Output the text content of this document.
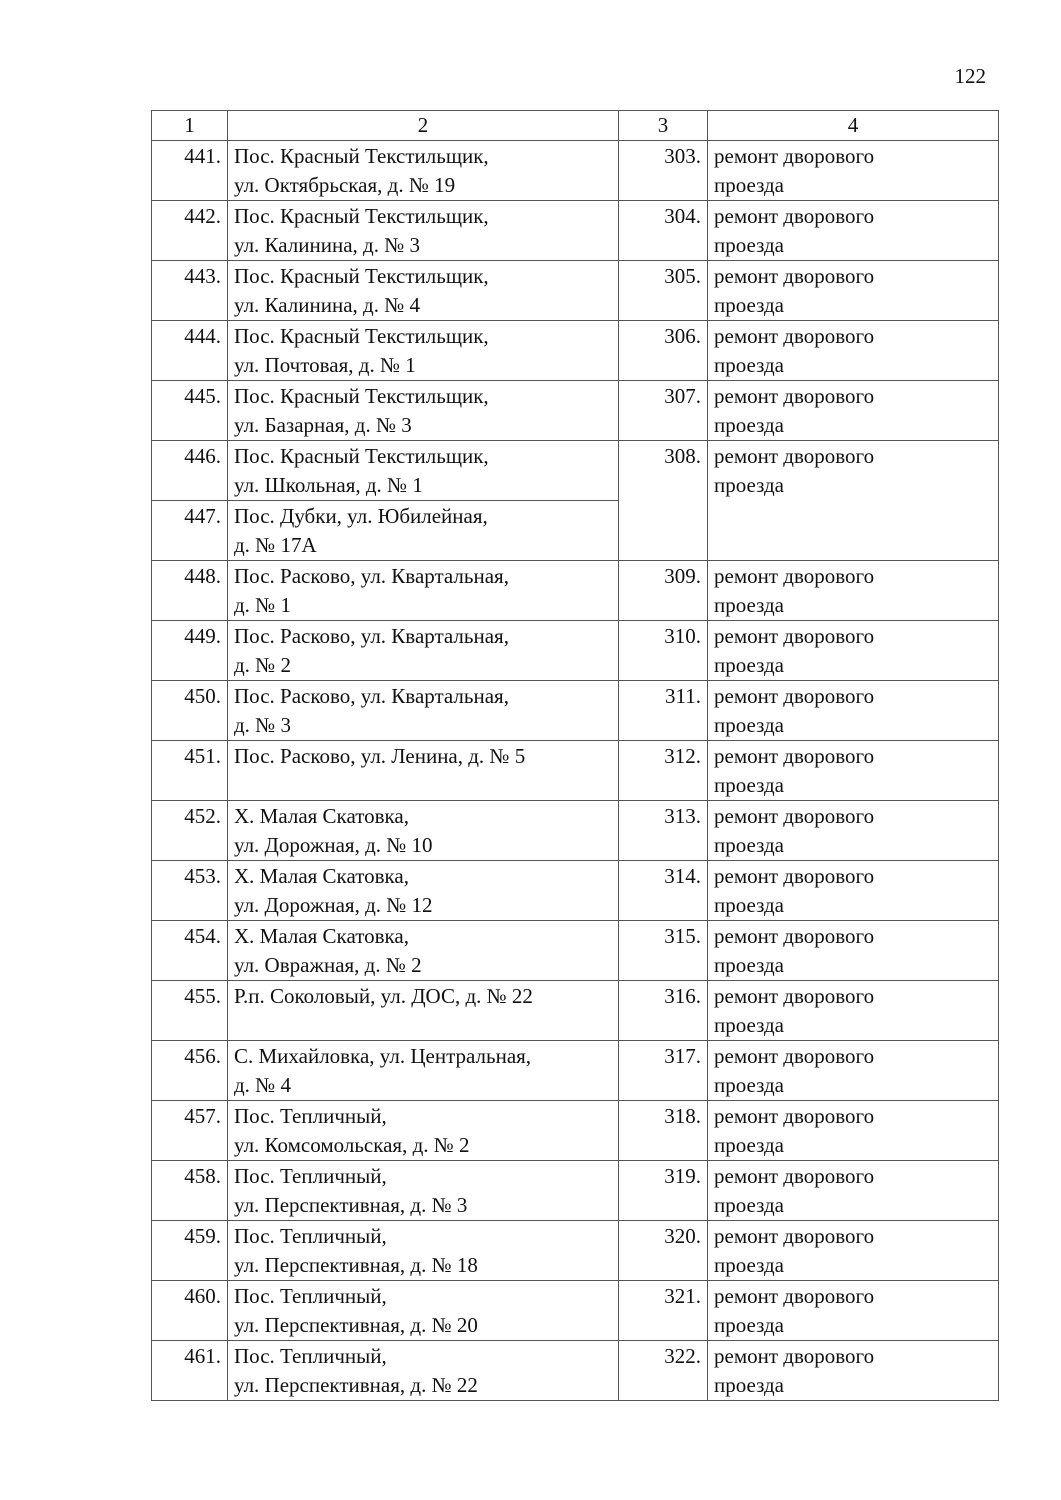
122
1	2	3	4
441.	Пос. Красный Текстильщик,
ул. Октябрьская, д. № 19	303.	ремонт дворового
проезда
442.	Пос. Красный Текстильщик,
ул. Калинина, д. № 3	304.	ремонт дворового
проезда
443.	Пос. Красный Текстильщик,
ул. Калинина, д. № 4	305.	ремонт дворового
проезда
444.	Пос. Красный Текстильщик,
ул. Почтовая, д. № 1	306.	ремонт дворового
проезда
445.	Пос. Красный Текстильщик,
ул. Базарная, д. № 3	307.	ремонт дворового
проезда
446.	Пос. Красный Текстильщик,
ул. Школьная, д. № 1	308.	ремонт дворового
проезда
447.	Пос. Дубки, ул. Юбилейная,
д. № 17А		
448.	Пос. Расково, ул. Квартальная,
д. № 1	309.	ремонт дворового
проезда
449.	Пос. Расково, ул. Квартальная,
д. № 2	310.	ремонт дворового
проезда
450.	Пос. Расково, ул. Квартальная,
д. № 3	311.	ремонт дворового
проезда
451.	Пос. Расково, ул. Ленина, д. № 5	312.	ремонт дворового
проезда
452.	Х. Малая Скатовка,
ул. Дорожная, д. № 10	313.	ремонт дворового
проезда
453.	Х. Малая Скатовка,
ул. Дорожная, д. № 12	314.	ремонт дворового
проезда
454.	Х. Малая Скатовка,
ул. Овражная, д. № 2	315.	ремонт дворового
проезда
455.	Р.п. Соколовый, ул. ДОС, д. № 22	316.	ремонт дворового
проезда
456.	С. Михайловка, ул. Центральная,
д. № 4	317.	ремонт дворового
проезда
457.	Пос. Тепличный,
ул. Комсомольская, д. № 2	318.	ремонт дворового
проезда
458.	Пос. Тепличный,
ул. Перспективная, д. № 3	319.	ремонт дворового
проезда
459.	Пос. Тепличный,
ул. Перспективная, д. № 18	320.	ремонт дворового
проезда
460.	Пос. Тепличный,
ул. Перспективная, д. № 20	321.	ремонт дворового
проезда
461.	Пос. Тепличный,
ул. Перспективная, д. № 22	322.	ремонт дворового
проезда
